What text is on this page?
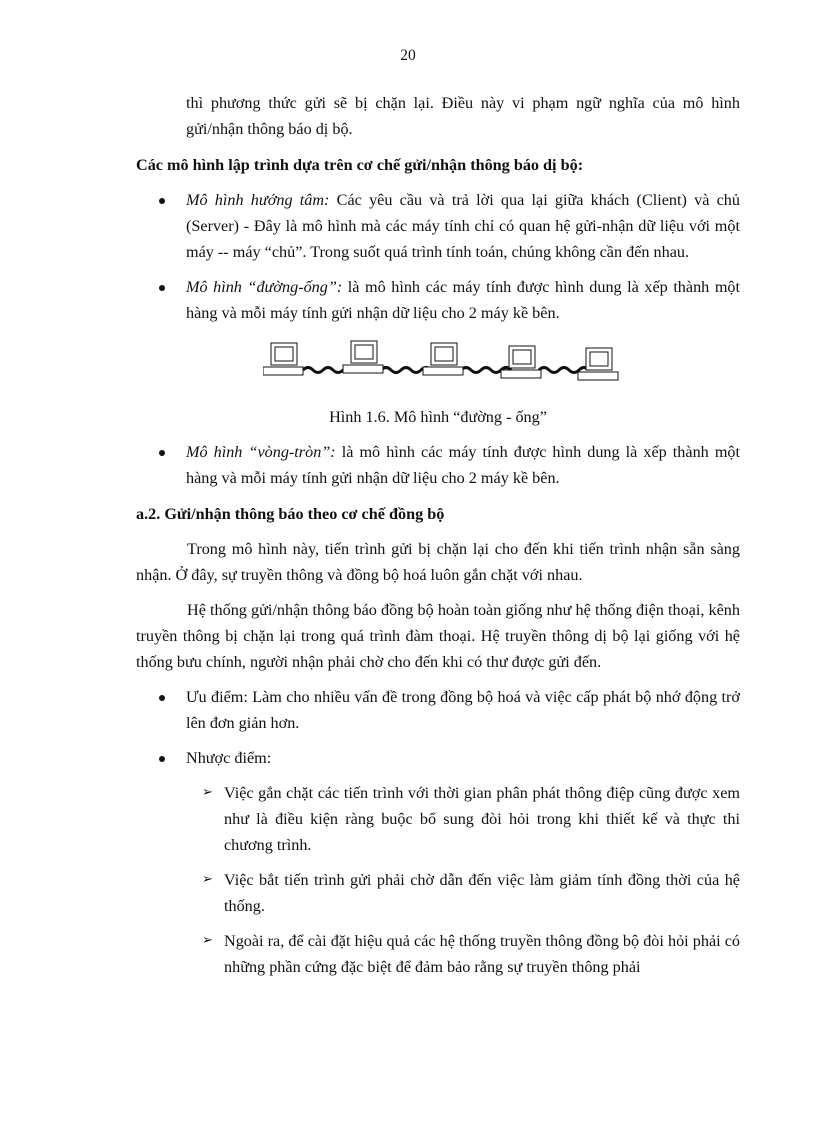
20

thì phương thức gửi sẽ bị chặn lại. Điều này vi phạm ngữ nghĩa của mô hình gửi/nhận thông báo dị bộ.

Các mô hình lập trình dựa trên cơ chế gửi/nhận thông báo dị bộ:

Mô hình hướng tâm: Các yêu cầu và trả lời qua lại giữa khách (Client) và chủ (Server) - Đây là mô hình mà các máy tính chỉ có quan hệ gửi-nhận dữ liệu với một máy -- máy “chủ”. Trong suốt quá trình tính toán, chúng không cần đến nhau.
Mô hình “đường-ống”: là mô hình các máy tính được hình dung là xếp thành một hàng và mỗi máy tính gửi nhận dữ liệu cho 2 máy kề bên.

Hình 1.6. Mô hình “đường - ống”

Mô hình “vòng-tròn”: là mô hình các máy tính được hình dung là xếp thành một hàng và mỗi máy tính gửi nhận dữ liệu cho 2 máy kề bên.

a.2. Gửi/nhận thông báo theo cơ chế đồng bộ

Trong mô hình này, tiến trình gửi bị chặn lại cho đến khi tiến trình nhận sẵn sàng nhận. Ở đây, sự truyền thông và đồng bộ hoá luôn gắn chặt với nhau.

Hệ thống gửi/nhận thông báo đồng bộ hoàn toàn giống như hệ thống điện thoại, kênh truyền thông bị chặn lại trong quá trình đàm thoại. Hệ truyền thông dị bộ lại giống với hệ thống bưu chính, người nhận phải chờ cho đến khi có thư được gửi đến.

Ưu điểm: Làm cho nhiều vấn đề trong đồng bộ hoá và việc cấp phát bộ nhớ động trở lên đơn giản hơn.
Nhược điểm:
➢ Việc gắn chặt các tiến trình với thời gian phân phát thông điệp cũng được xem như là điều kiện ràng buộc bổ sung đòi hỏi trong khi thiết kế và thực thi chương trình.
➢ Việc bắt tiến trình gửi phải chờ dẫn đến việc làm giảm tính đồng thời của hệ thống.
➢ Ngoài ra, để cài đặt hiệu quả các hệ thống truyền thông đồng bộ đòi hỏi phải có những phần cứng đặc biệt để đảm bảo rằng sự truyền thông phải
